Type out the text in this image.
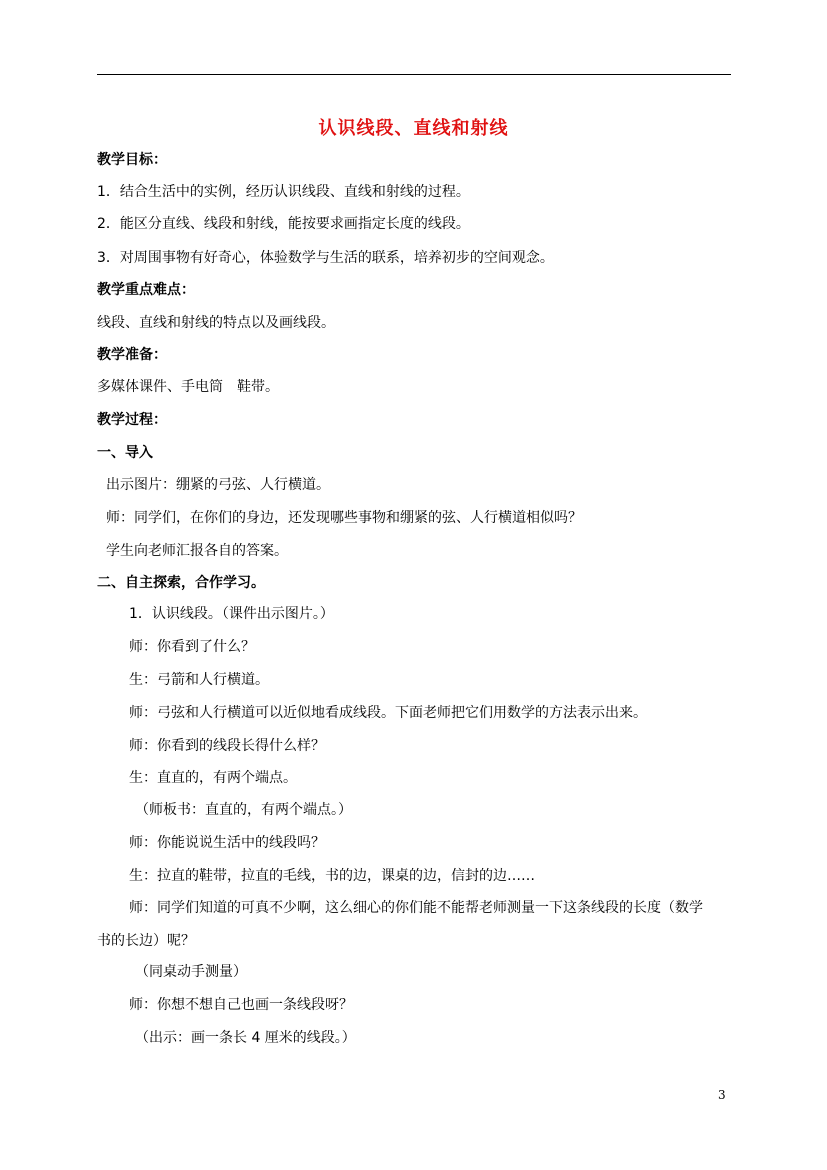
认识线段、直线和射线
教学目标：
1．结合生活中的实例，经历认识线段、直线和射线的过程。
2．能区分直线、线段和射线，能按要求画指定长度的线段。
3．对周围事物有好奇心，体验数学与生活的联系，培养初步的空间观念。
教学重点难点：
线段、直线和射线的特点以及画线段。
教学准备：
多媒体课件、手电筒　鞋带。
教学过程：
一、导入
出示图片：绷紧的弓弦、人行横道。
师：同学们，在你们的身边，还发现哪些事物和绷紧的弦、人行横道相似吗？
学生向老师汇报各自的答案。
二、自主探索，合作学习。
1．认识线段。（课件出示图片。）
师：你看到了什么？
生：弓箭和人行横道。
师：弓弦和人行横道可以近似地看成线段。下面老师把它们用数学的方法表示出来。
师：你看到的线段长得什么样？
生：直直的，有两个端点。
（师板书：直直的，有两个端点。）
师：你能说说生活中的线段吗？
生：拉直的鞋带，拉直的毛线，书的边，课桌的边，信封的边……
师：同学们知道的可真不少啊，这么细心的你们能不能帮老师测量一下这条线段的长度（数学
书的长边）呢？
（同桌动手测量）
师：你想不想自己也画一条线段呀？
（出示：画一条长 4 厘米的线段。）
3
